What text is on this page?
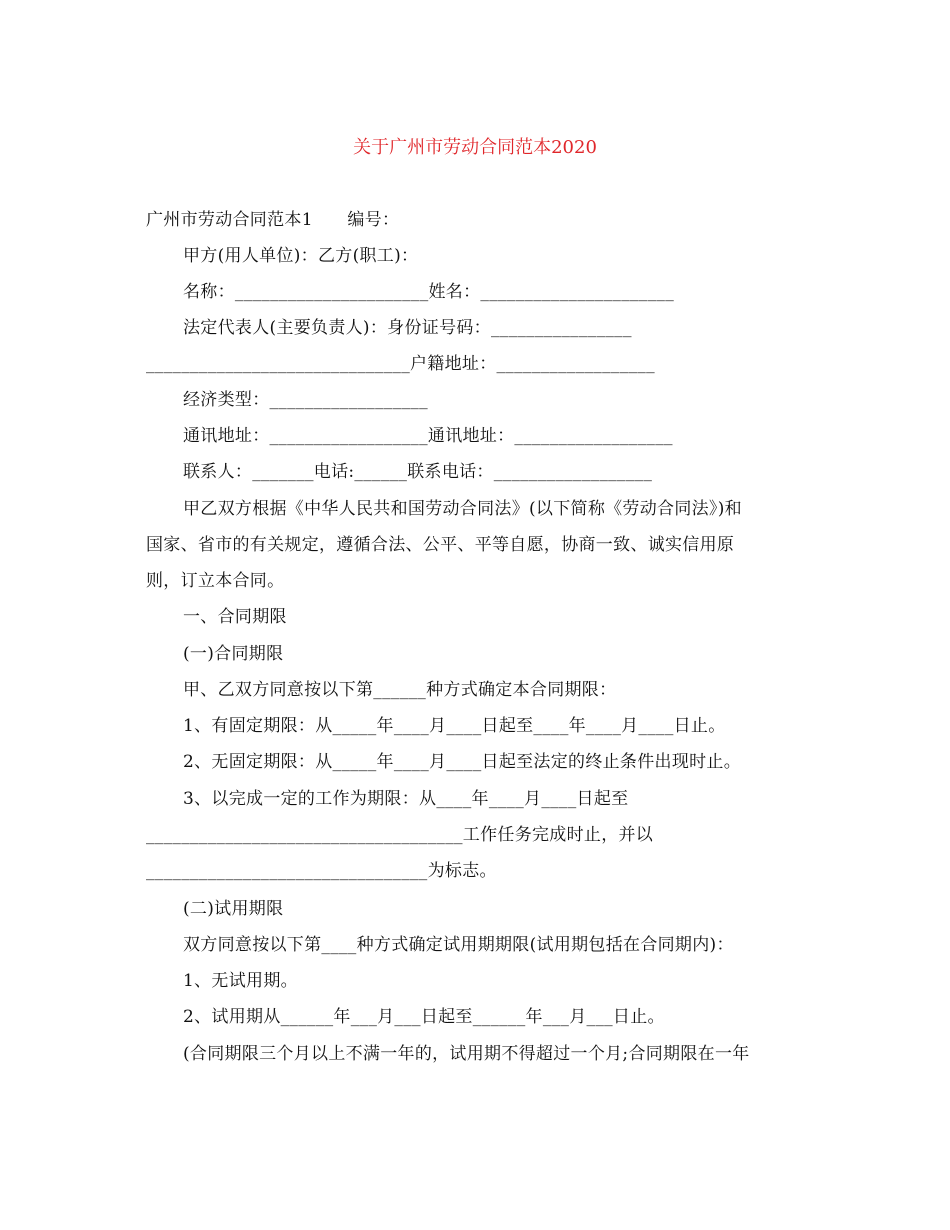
关于广州市劳动合同范本2020
广州市劳动合同范本1　　编号：
甲方(用人单位)：乙方(职工)：
名称：______________________姓名：______________________
法定代表人(主要负责人)：身份证号码：________________
______________________________户籍地址：__________________
经济类型：__________________
通讯地址：__________________通讯地址：__________________
联系人：_______电话:______联系电话：__________________
甲乙双方根据《中华人民共和国劳动合同法》(以下简称《劳动合同法》)和
国家、省市的有关规定，遵循合法、公平、平等自愿，协商一致、诚实信用原
则，订立本合同。
一、合同期限
(一)合同期限
甲、乙双方同意按以下第______种方式确定本合同期限：
1、有固定期限：从_____年____月____日起至____年____月____日止。
2、无固定期限：从_____年____月____日起至法定的终止条件出现时止。
3、以完成一定的工作为期限：从____年____月____日起至
____________________________________工作任务完成时止，并以
________________________________为标志。
(二)试用期限
双方同意按以下第____种方式确定试用期期限(试用期包括在合同期内)：
1、无试用期。
2、试用期从______年___月___日起至______年___月___日止。
(合同期限三个月以上不满一年的，试用期不得超过一个月;合同期限在一年
